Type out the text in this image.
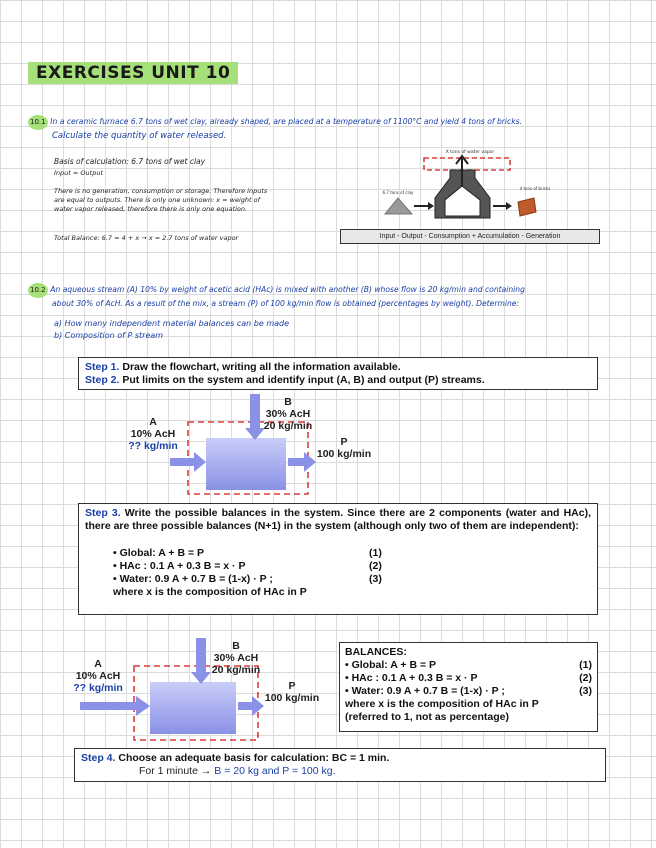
EXERCISES UNIT 10
10.1 In a ceramic furnace 6.7 tons of wet clay, already shaped, are placed at a temperature of 1100°C and yield 4 tons of bricks.
Calculate the quantity of water released.
Basis of calculation: 6.7 tons of wet clay
Input = Output
There is no generation, consumption or storage. Therefore inputs
are equal to outputs. There is only one unknown: x = weight of
water vapor released, therefore there is only one equation.
Total Balance: 6.7 = 4 + x → x = 2.7 tons of water vapor
X tons of water vapor
6.7 tons of clay
4 tons of bricks
Input - Output - Consumption + Accumulation - Generation
10.2 An aqueous stream (A) 10% by weight of acetic acid (HAc) is mixed with another (B) whose flow is 20 kg/min and containing
about 30% of AcH. As a result of the mix, a stream (P) of 100 kg/min flow is obtained (percentages by weight). Determine:
a) How many independent material balances can be made
b) Composition of P stream
Step 1. Draw the flowchart, writing all the information available.
Step 2. Put limits on the system and identify input (A, B) and output (P) streams.
A
10% AcH
?? kg/min
B
30% AcH
20 kg/min
P
100 kg/min
Step 3. Write the possible balances in the system. Since there are 2 components (water and HAc), there are three possible balances (N+1) in the system (although only two of them are independent):
• Global: A + B = P
• HAc : 0.1 A + 0.3 B = x · P
• Water: 0.9 A + 0.7 B = (1-x) · P ;
where x is the composition of HAc in P
(1)
(2)
(3)
A
10% AcH
?? kg/min
B
30% AcH
20 kg/min
P
100 kg/min
BALANCES:
• Global: A + B = P
• HAc : 0.1 A + 0.3 B = x · P
• Water: 0.9 A + 0.7 B = (1-x) · P ;
(1)
(2)
(3)
where x is the composition of HAc in P
(referred to 1, not as percentage)
Step 4. Choose an adequate basis for calculation: BC = 1 min.
For 1 minute → B = 20 kg and P = 100 kg.
